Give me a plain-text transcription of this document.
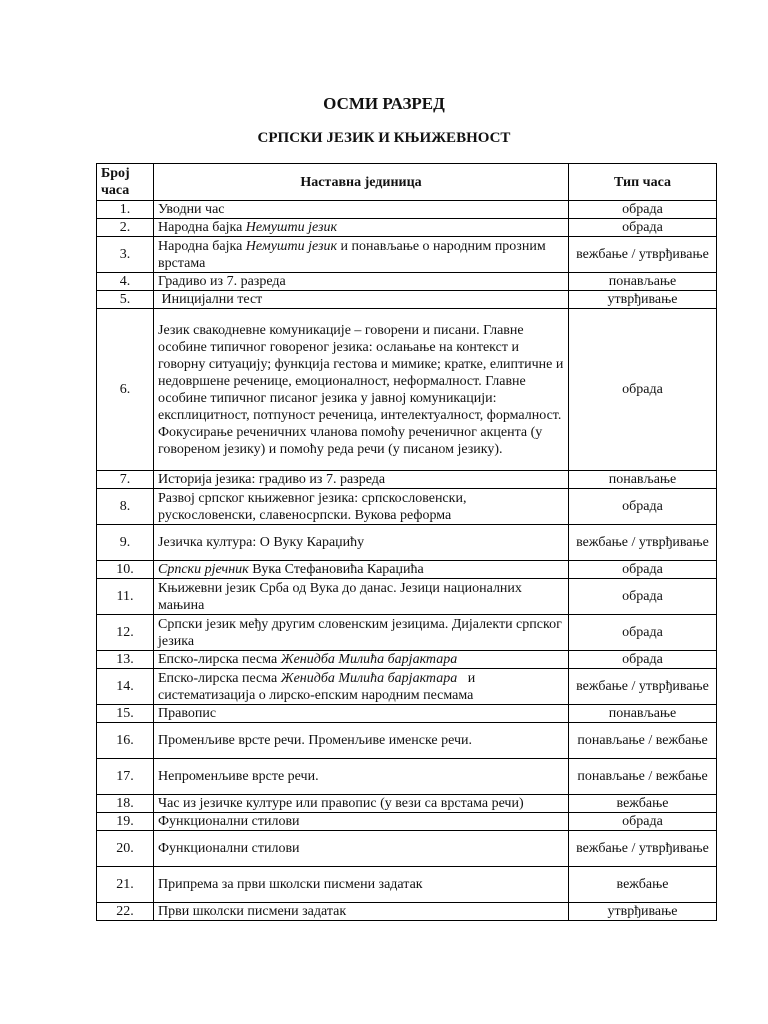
ОСМИ РАЗРЕД
СРПСКИ ЈЕЗИК И КЊИЖЕВНОСТ
Број
часа	Наставна јединица	Тип часа
1.	Уводни час	обрада
2.	Народна бајка Немушти језик	обрада
3.	Народна бајка Немушти језик и понављање о народним прозним врстама	вежбање / утврђивање
4.	Градиво из 7. разреда	понављање
5.	Иницијални тест	утврђивање
6.	Језик свакодневне комуникације – говорени и писани. Главне особине типичног говореног језика: ослањање на контекст и говорну ситуацију; функција гестова и мимике; кратке, елиптичне и недовршене реченице, емоционалност, неформалност. Главне особине типичног писаног језика у јавној комуникацији: експлицитност, потпуност реченица, интелектуалност, формалност. Фокусирање реченичних чланова помоћу реченичног акцента (у говореном језику) и помоћу реда речи (у писаном језику).	обрада
7.	Историја језика: градиво из 7. разреда	понављање
8.	Развој српског књижевног језика: српскословенски, рускословенски, славеносрпски. Вукова реформа	обрада
9.	Језичка култура: О Вуку Караџићу	вежбање / утврђивање
10.	Српски рјечник Вука Стефановића Караџића	обрада
11.	Књижевни језик Срба од Вука до данас. Језици националних мањина	обрада
12.	Српски језик међу другим словенским језицима. Дијалекти српског језика	обрада
13.	Епско-лирска песма Женидба Милића барјактара	обрада
14.	Епско-лирска песма Женидба Милића барјактара   и систематизација о лирско-епским народним песмама	вежбање / утврђивање
15.	Правопис	понављање
16.	Променљиве врсте речи. Променљиве именске речи.	понављање / вежбање
17.	Непроменљиве врсте речи.	понављање / вежбање
18.	Час из језичке културе или правопис (у вези са врстама речи)	вежбање
19.	Функционални стилови	обрада
20.	Функционални стилови	вежбање / утврђивање
21.	Припрема за први школски писмени задатак	вежбање
22.	Први школски писмени задатак	утврђивање
